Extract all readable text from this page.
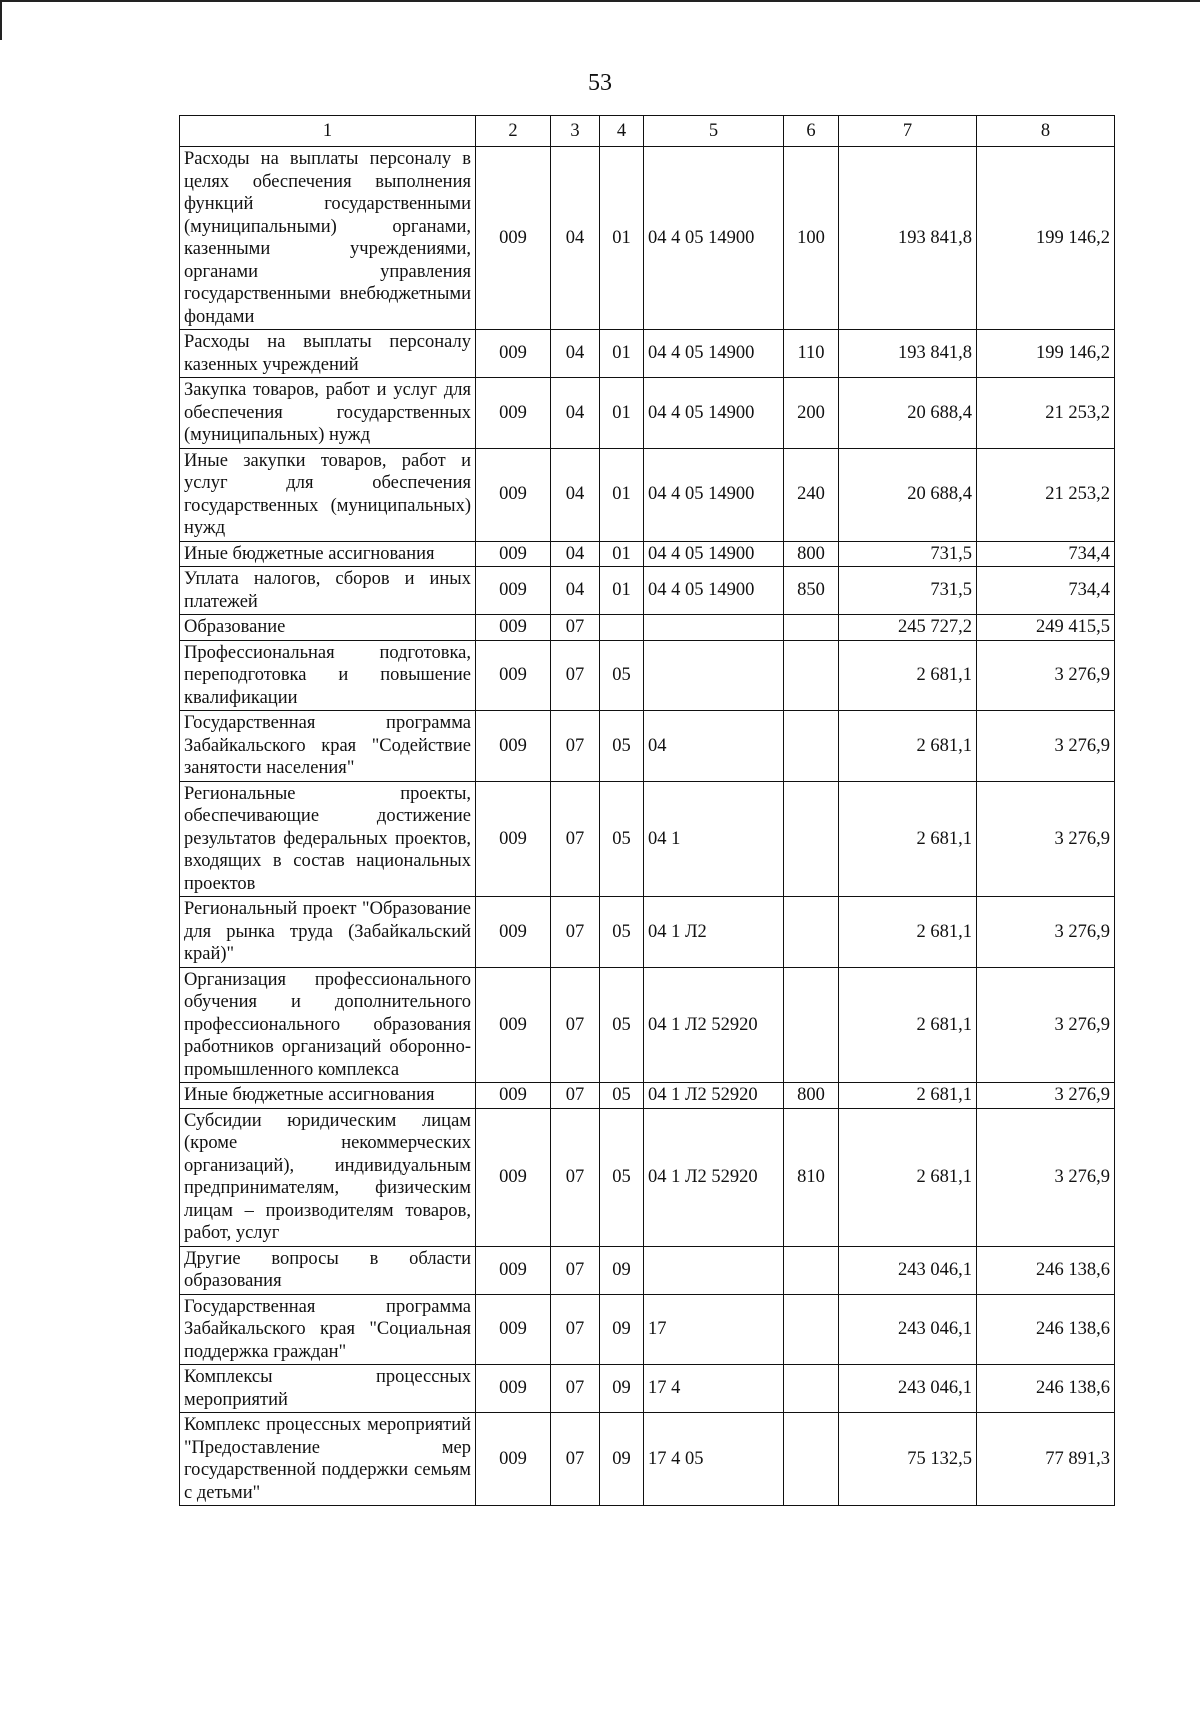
53
1	2	3	4	5	6	7	8
Расходы на выплаты персоналу в целях обеспечения выполнения функций государственными (муниципальными) органами, казенными учреждениями, органами управления государственными внебюджетными фондами	009	04	01	04 4 05 14900	100	193 841,8	199 146,2
Расходы на выплаты персоналу казенных учреждений	009	04	01	04 4 05 14900	110	193 841,8	199 146,2
Закупка товаров, работ и услуг для обеспечения государственных (муниципальных) нужд	009	04	01	04 4 05 14900	200	20 688,4	21 253,2
Иные закупки товаров, работ и услуг для обеспечения государственных (муниципальных) нужд	009	04	01	04 4 05 14900	240	20 688,4	21 253,2
Иные бюджетные ассигнования	009	04	01	04 4 05 14900	800	731,5	734,4
Уплата налогов, сборов и иных платежей	009	04	01	04 4 05 14900	850	731,5	734,4
Образование	009	07				245 727,2	249 415,5
Профессиональная подготовка, переподготовка и повышение квалификации	009	07	05			2 681,1	3 276,9
Государственная программа Забайкальского края "Содействие занятости населения"	009	07	05	04		2 681,1	3 276,9
Региональные проекты, обеспечивающие достижение результатов федеральных проектов, входящих в состав национальных проектов	009	07	05	04 1		2 681,1	3 276,9
Региональный проект "Образование для рынка труда (Забайкальский край)"	009	07	05	04 1 Л2		2 681,1	3 276,9
Организация профессионального обучения и дополнительного профессионального образования работников организаций оборонно-промышленного комплекса	009	07	05	04 1 Л2 52920		2 681,1	3 276,9
Иные бюджетные ассигнования	009	07	05	04 1 Л2 52920	800	2 681,1	3 276,9
Субсидии юридическим лицам (кроме некоммерческих организаций), индивидуальным предпринимателям, физическим лицам – производителям товаров, работ, услуг	009	07	05	04 1 Л2 52920	810	2 681,1	3 276,9
Другие вопросы в области образования	009	07	09			243 046,1	246 138,6
Государственная программа Забайкальского края "Социальная поддержка граждан"	009	07	09	17		243 046,1	246 138,6
Комплексы процессных мероприятий	009	07	09	17 4		243 046,1	246 138,6
Комплекс процессных мероприятий "Предоставление мер государственной поддержки семьям с детьми"	009	07	09	17 4 05		75 132,5	77 891,3
